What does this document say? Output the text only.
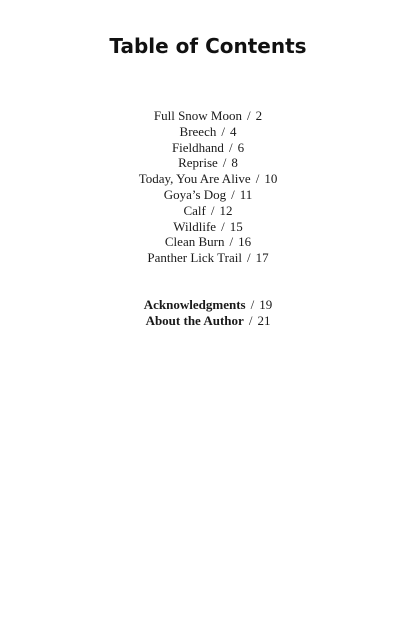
Table of Contents
Full Snow Moon / 2
Breech / 4
Fieldhand / 6
Reprise / 8
Today, You Are Alive / 10
Goya’s Dog / 11
Calf / 12
Wildlife / 15
Clean Burn / 16
Panther Lick Trail / 17
Acknowledgments / 19
About the Author / 21
